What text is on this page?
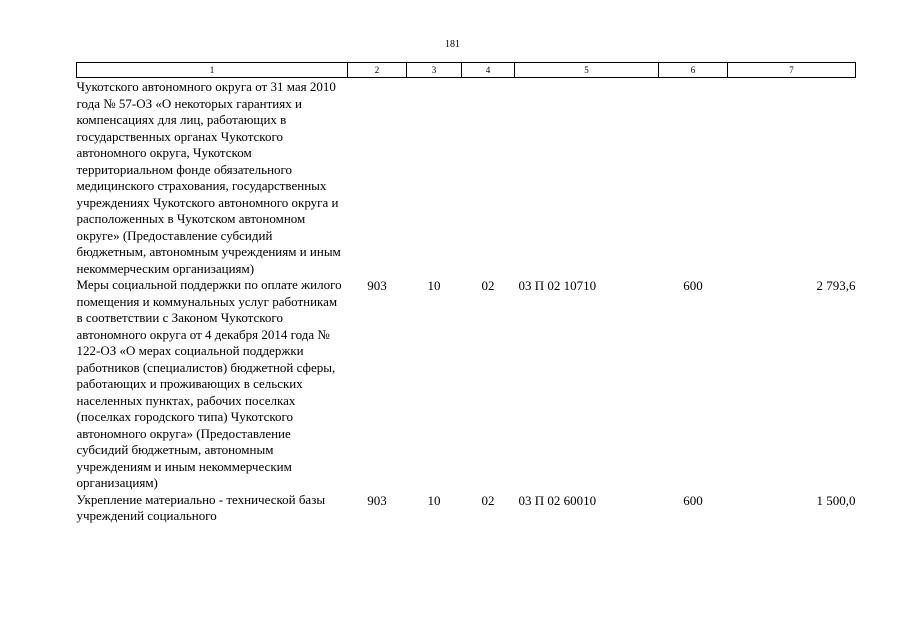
181
1	2	3	4	5	6	7
Чукотского автономного округа от 31 мая 2010 года № 57-ОЗ «О некоторых гарантиях и компенсациях для лиц, работающих в государственных органах Чукотского автономного округа, Чукотском территориальном фонде обязательного медицинского страхования, государственных учреждениях Чукотского автономного округа и расположенных в Чукотском автономном округе» (Предоставление субсидий бюджетным, автономным учреждениям и иным некоммерческим организациям)						
Меры социальной поддержки по оплате жилого помещения и коммунальных услуг работникам в соответствии с Законом Чукотского автономного округа от 4 декабря 2014 года № 122-ОЗ «О мерах социальной поддержки работников (специалистов) бюджетной сферы, работающих и проживающих в сельских населенных пунктах, рабочих поселках (поселках городского типа) Чукотского автономного округа» (Предоставление субсидий бюджетным, автономным учреждениям и иным некоммерческим организациям)	903	10	02	03 П 02 10710	600	2 793,6
Укрепление материально - технической базы учреждений социального	903	10	02	03 П 02 60010	600	1 500,0
